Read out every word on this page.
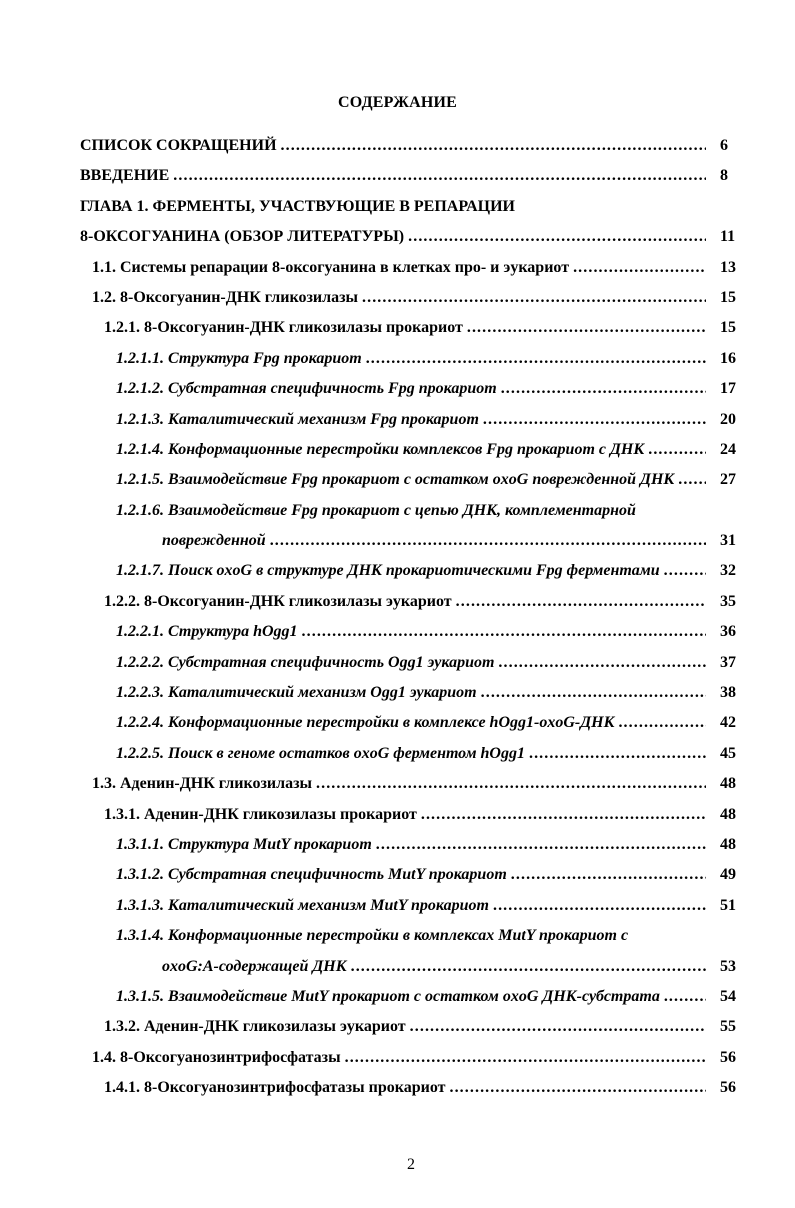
СОДЕРЖАНИЕ
СПИСОК СОКРАЩЕНИЙ .....	6
ВВЕДЕНИЕ .....	8
ГЛАВА 1. ФЕРМЕНТЫ, УЧАСТВУЮЩИЕ В РЕПАРАЦИИ
8-ОКСОГУАНИНА (ОБЗОР ЛИТЕРАТУРЫ) .....	11
1.1. Системы репарации 8-оксогуанина в клетках про- и эукариот .....	13
1.2. 8-Оксогуанин-ДНК гликозилазы .....	15
1.2.1. 8-Оксогуанин-ДНК гликозилазы прокариот .....	15
1.2.1.1. Структура Fpg прокариот .....	16
1.2.1.2. Субстратная специфичность Fpg прокариот .....	17
1.2.1.3. Каталитический механизм Fpg прокариот .....	20
1.2.1.4. Конформационные перестройки комплексов Fpg прокариот с ДНК .....	24
1.2.1.5. Взаимодействие Fpg прокариот с остатком oxoG поврежденной ДНК .....	27
1.2.1.6. Взаимодействие Fpg прокариот с цепью ДНК, комплементарной
поврежденной .....	31
1.2.1.7. Поиск oxoG в структуре ДНК прокариотическими Fpg ферментами .....	32
1.2.2. 8-Оксогуанин-ДНК гликозилазы эукариот .....	35
1.2.2.1. Структура hOgg1 .....	36
1.2.2.2. Субстратная специфичность Ogg1 эукариот .....	37
1.2.2.3. Каталитический механизм Ogg1 эукариот .....	38
1.2.2.4. Конформационные перестройки в комплексе hOgg1-oxoG-ДНК .....	42
1.2.2.5. Поиск в геноме остатков oxoG ферментом hOgg1 .....	45
1.3. Аденин-ДНК гликозилазы .....	48
1.3.1. Аденин-ДНК гликозилазы прокариот .....	48
1.3.1.1. Структура MutY прокариот .....	48
1.3.1.2. Субстратная специфичность MutY прокариот .....	49
1.3.1.3. Каталитический механизм MutY прокариот .....	51
1.3.1.4. Конформационные перестройки в комплексах MutY прокариот с
oxoG:A-содержащей ДНК .....	53
1.3.1.5. Взаимодействие MutY прокариот с остатком oxoG ДНК-субстрата .....	54
1.3.2. Аденин-ДНК гликозилазы эукариот .....	55
1.4. 8-Оксогуанозинтрифосфатазы .....	56
1.4.1. 8-Оксогуанозинтрифосфатазы прокариот .....	56
2
